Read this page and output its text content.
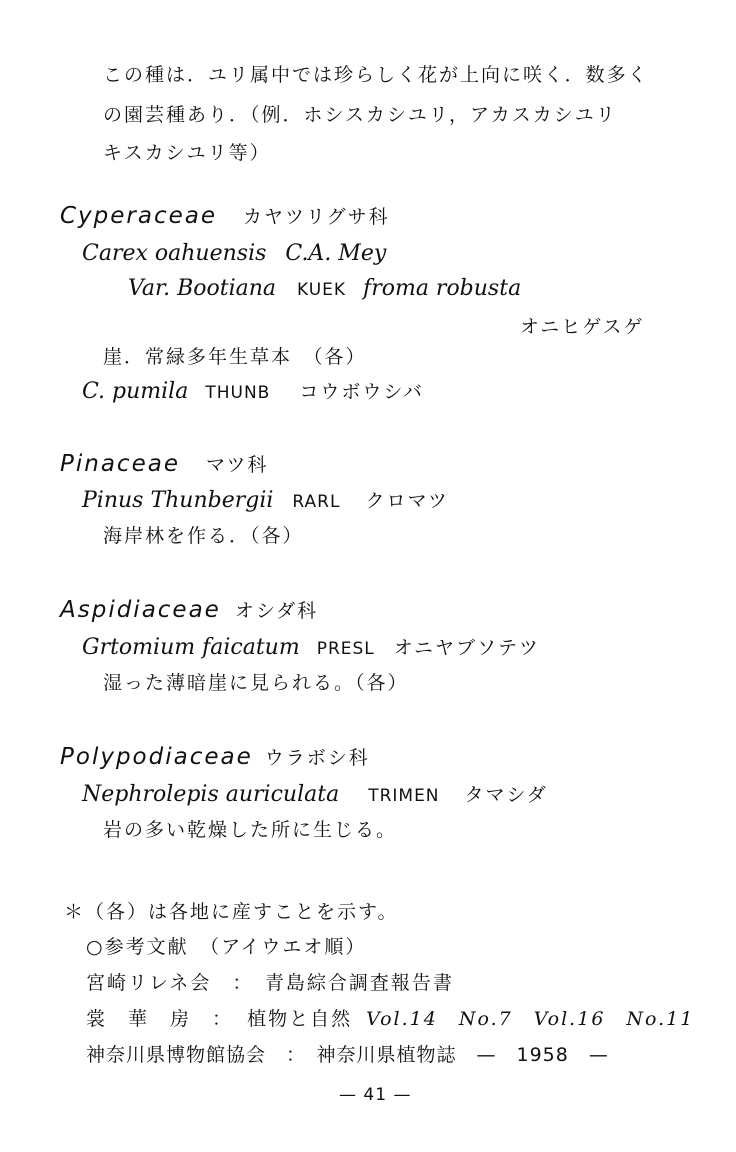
この種は．ユリ属中では珍らしく花が上向に咲く．数多く
の園芸種あり．（例．ホシスカシユリ，アカスカシユリ
キスカシユリ等）
Cyperaceae カヤツリグサ科
Carex oahuensis C.A. Mey
Var. Bootiana KUEK froma robusta
オニヒゲスゲ
崖．常緑多年生草本　（各）
C. pumila THUNB コウボウシバ
Pinaceae マツ科
Pinus Thunbergii RARL クロマツ
海岸林を作る．（各）
Aspidiaceae オシダ科
Grtomium faicatum PRESL オニヤブソテツ
湿った薄暗崖に見られる。（各）
Polypodiaceae ウラボシ科
Nephrolepis auriculata TRIMEN タマシダ
岩の多い乾燥した所に生じる。
＊（各）は各地に産すことを示す。
○参考文献　（アイウエオ順）
宮崎リレネ会　：　青島綜合調査報告書
裳　華　房　： 植物と自然 Vol.14　No.7　Vol.16　No.11
神奈川県博物館協会　：　神奈川県植物誌　—　1958　—
— 41 —
